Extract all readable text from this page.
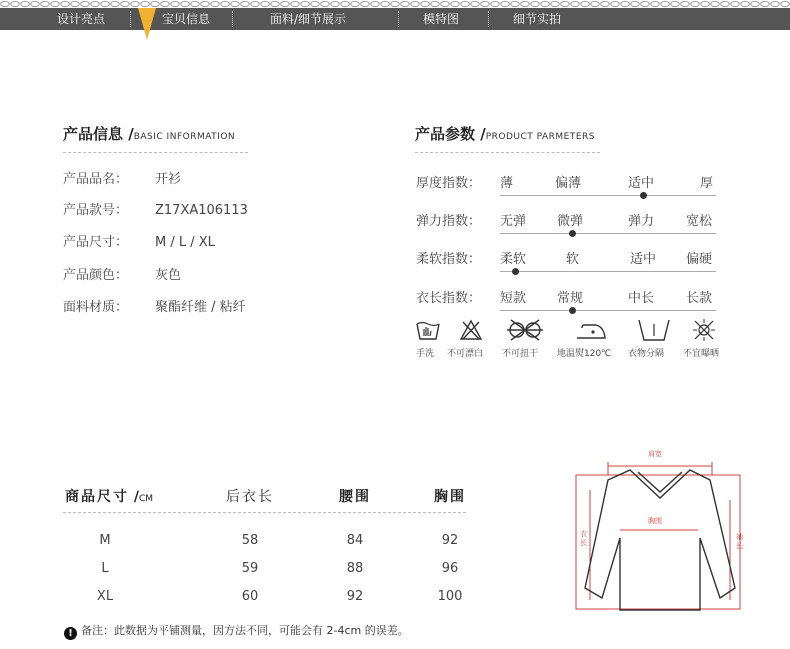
设计亮点	宝贝信息	面料/细节展示	模特图	细节实拍
产品信息 /BASIC INFORMATION
产品品名： 开衫
产品款号： Z17XA106113
产品尺寸： M / L / XL
产品颜色： 灰色
面料材质： 聚酯纤维 / 粘纤
产品参数 /PRODUCT PARMETERS
厚度指数： 薄	偏薄	适中	厚
弹力指数： 无弹 微弹	弹力 宽松
柔软指数： 柔软	软	适中 偏硬
衣长指数： 短款 常规	中长 长款
手洗 不可漂白 不可扭干 地温熨120℃ 衣物分隔 不宜曝晒
商品尺寸 /CM	后衣长	腰围	胸围
M	58	84	92
L	59	88	96
XL	60	92	100
! 备注：此数据为平铺测量，因方法不同，可能会有 2-4cm 的误差。
肩宽
胸围
衣长
袖长
